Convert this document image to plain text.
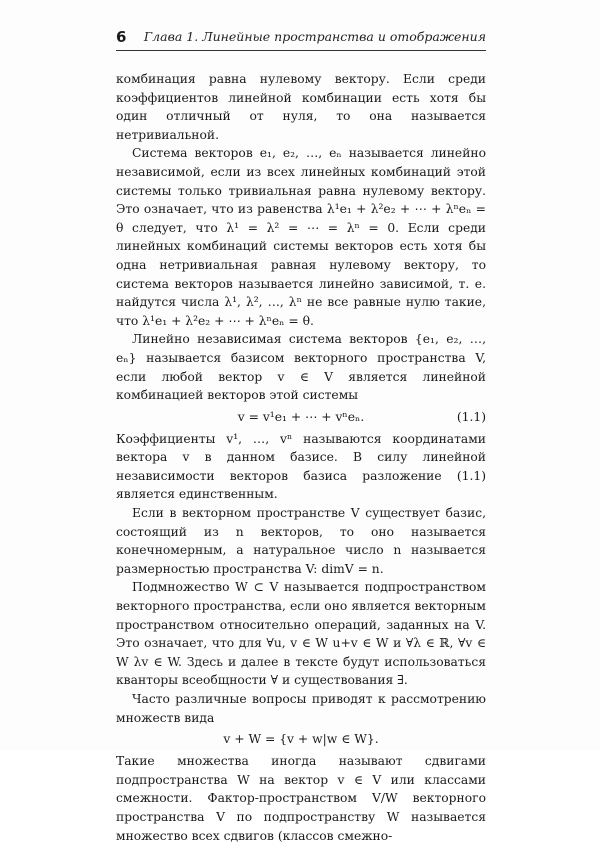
6 Глава 1. Линейные пространства и отображения

комбинация равна нулевому вектору. Если среди коэффициентов линейной комбинации есть хотя бы один отличный от нуля, то она называется нетривиальной.

Система векторов e₁, e₂, …, eₙ называется линейно независимой, если из всех линейных комбинаций этой системы только тривиальная равна нулевому вектору. Это означает, что из равенства λ¹e₁ + λ²e₂ + ⋯ + λⁿeₙ = θ следует, что λ¹ = λ² = ⋯ = λⁿ = 0. Если среди линейных комбинаций системы векторов есть хотя бы одна нетривиальная равная нулевому вектору, то система векторов называется линейно зависимой, т. е. найдутся числа λ¹, λ², …, λⁿ не все равные нулю такие, что λ¹e₁ + λ²e₂ + ⋯ + λⁿeₙ = θ.

Линейно независимая система векторов {e₁, e₂, …, eₙ} называется базисом векторного пространства V, если любой вектор v ∈ V является линейной комбинацией векторов этой системы

v = v¹e₁ + ⋯ + vⁿeₙ.	(1.1)

Коэффициенты v¹, …, vⁿ называются координатами вектора v в данном базисе. В силу линейной независимости векторов базиса разложение (1.1) является единственным.

Если в векторном пространстве V существует базис, состоящий из n векторов, то оно называется конечномерным, а натуральное число n называется размерностью пространства V: dimV = n.

Подмножество W ⊂ V называется подпространством векторного пространства, если оно является векторным пространством относительно операций, заданных на V. Это означает, что для ∀u, v ∈ W u+v ∈ W и ∀λ ∈ ℝ, ∀v ∈ W λv ∈ W. Здесь и далее в тексте будут использоваться кванторы всеобщности ∀ и существования ∃.

Часто различные вопросы приводят к рассмотрению множеств вида

v + W = {v + w|w ∈ W}.

Такие множества иногда называют сдвигами подпространства W на вектор v ∈ V или классами смежности. Фактор-пространством V/W векторного пространства V по подпространству W называется множество всех сдвигов (классов смежно-
